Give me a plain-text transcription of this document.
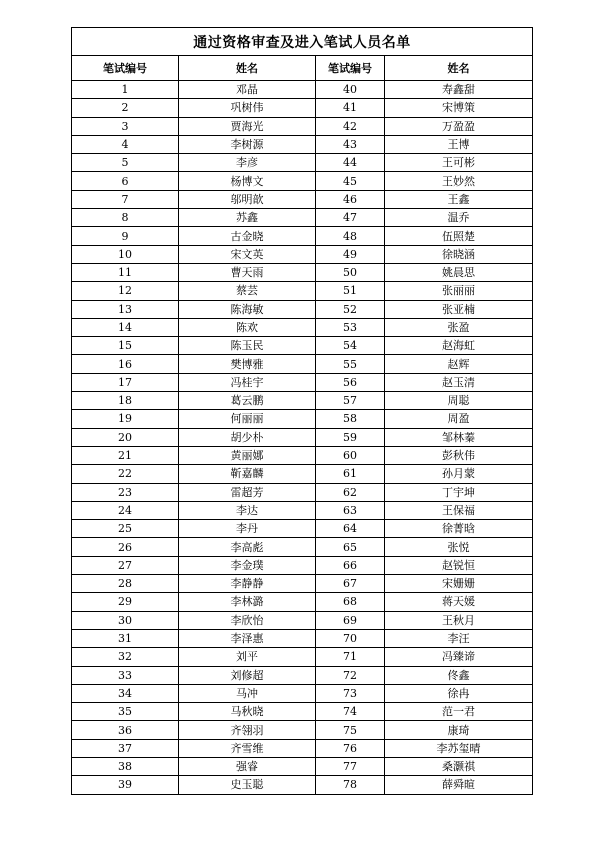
通过资格审查及进入笔试人员名单			
笔试编号	姓名	笔试编号	姓名
1	邓晶	40	寿鑫甜
2	巩树伟	41	宋博策
3	贾海光	42	万盈盈
4	李树源	43	王博
5	李彦	44	王可彬
6	杨博文	45	王妙然
7	邬明歆	46	王鑫
8	苏鑫	47	温乔
9	古金晓	48	伍照楚
10	宋文英	49	徐晓涵
11	曹天雨	50	姚晨思
12	蔡芸	51	张丽丽
13	陈海敏	52	张亚楠
14	陈欢	53	张盈
15	陈玉民	54	赵海虹
16	樊博雅	55	赵辉
17	冯桂宇	56	赵玉清
18	葛云鹏	57	周聪
19	何丽丽	58	周盈
20	胡少朴	59	邹林蓁
21	黄丽娜	60	彭秋伟
22	靳嘉麟	61	孙月蒙
23	雷超芳	62	丁宇坤
24	李达	63	王保福
25	李丹	64	徐菁晗
26	李高彪	65	张悦
27	李金璞	66	赵锐恒
28	李静静	67	宋姗姗
29	李林潞	68	蒋天媛
30	李欣怡	69	王秋月
31	李泽惠	70	李汪
32	刘平	71	冯臻谛
33	刘修超	72	佟鑫
34	马冲	73	徐冉
35	马秋晓	74	范一君
36	齐翎羽	75	康琦
37	齐雪维	76	李苏玺晴
38	强睿	77	桑灏祺
39	史玉聪	78	薛舜暄
